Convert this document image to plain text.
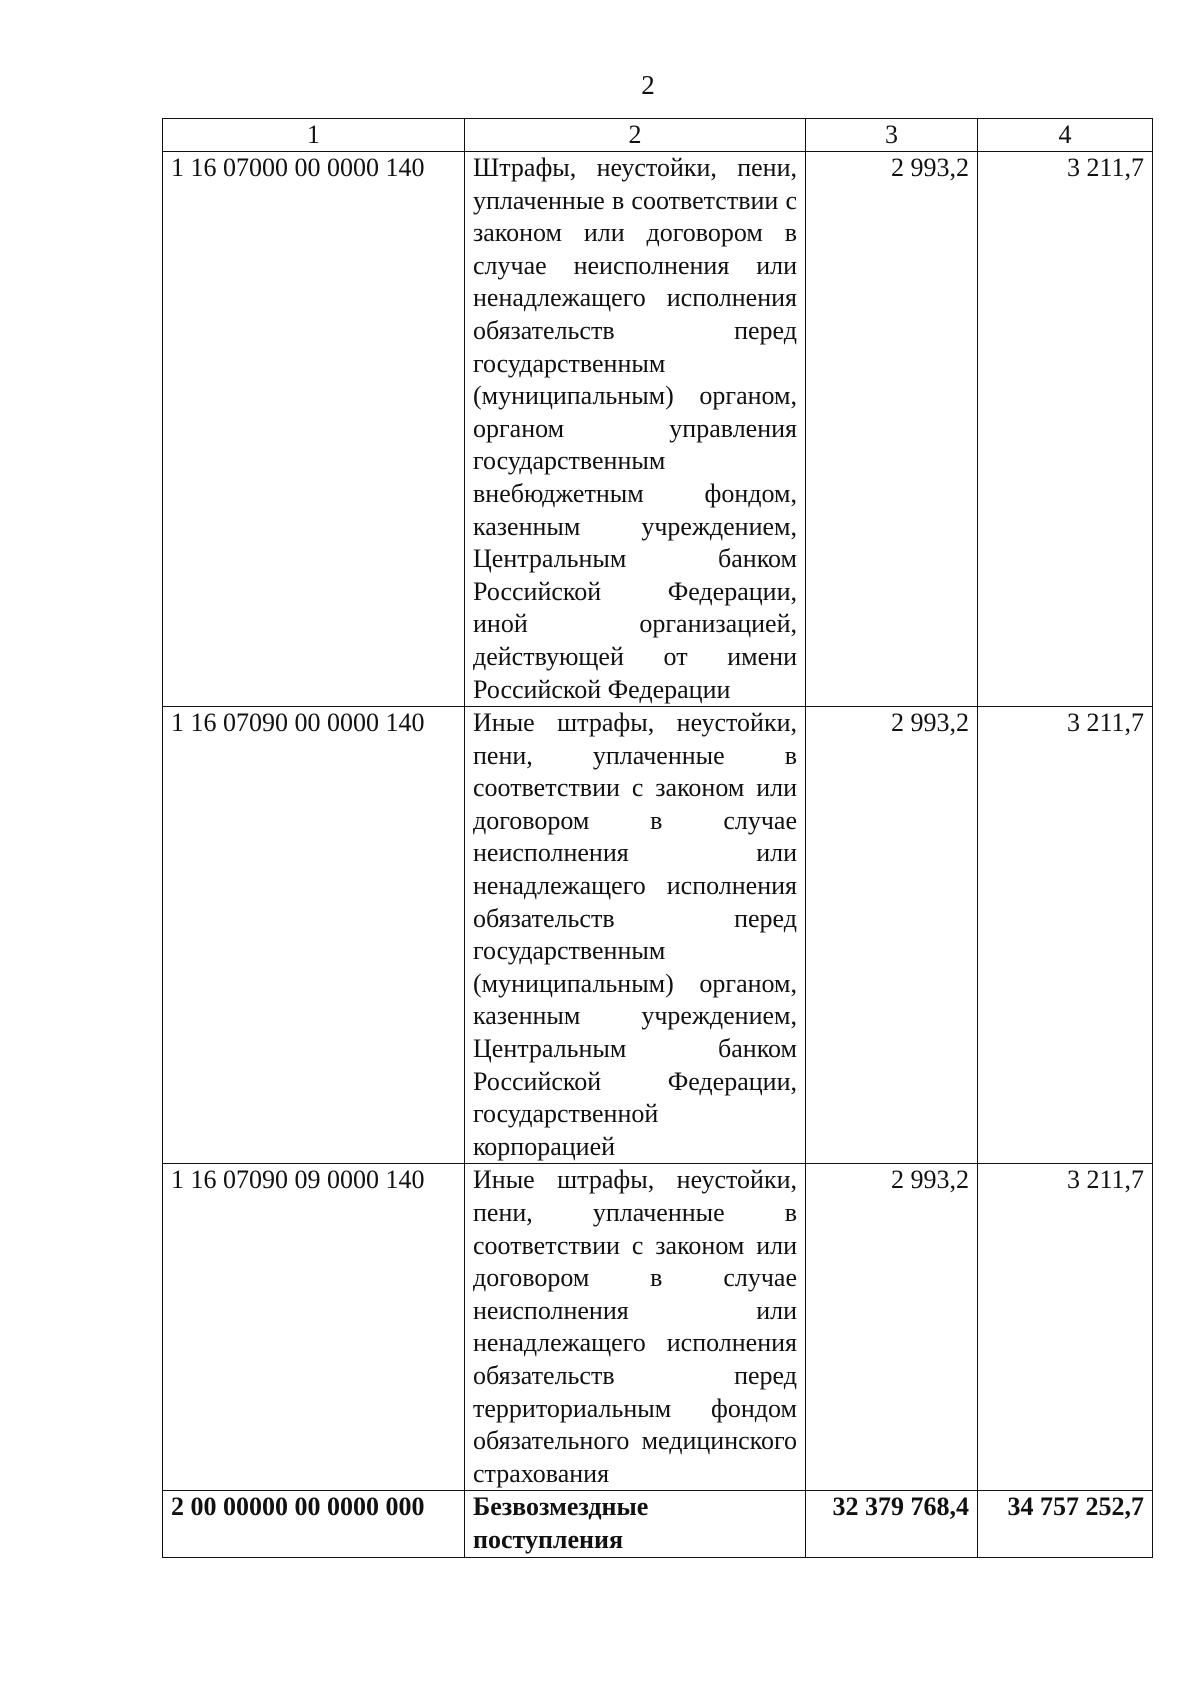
2
1	2	3	4
1 16 07000 00 0000 140	Штрафы, неустойки, пени, уплаченные в соответствии с законом или договором в случае неисполнения или ненадлежащего исполнения обязательств перед государственным (муниципальным) органом, органом управления государственным внебюджетным фондом, казенным учреждением, Центральным банком Российской Федерации, иной организацией, действующей от имени Российской Федерации	2 993,2	3 211,7
1 16 07090 00 0000 140	Иные штрафы, неустойки, пени, уплаченные в соответствии с законом или договором в случае неисполнения или ненадлежащего исполнения обязательств перед государственным (муниципальным) органом, казенным учреждением, Центральным банком Российской Федерации, государственной корпорацией	2 993,2	3 211,7
1 16 07090 09 0000 140	Иные штрафы, неустойки, пени, уплаченные в соответствии с законом или договором в случае неисполнения или ненадлежащего исполнения обязательств перед территориальным фондом обязательного медицинского страхования	2 993,2	3 211,7
2 00 00000 00 0000 000	Безвозмездные поступления	32 379 768,4	34 757 252,7
